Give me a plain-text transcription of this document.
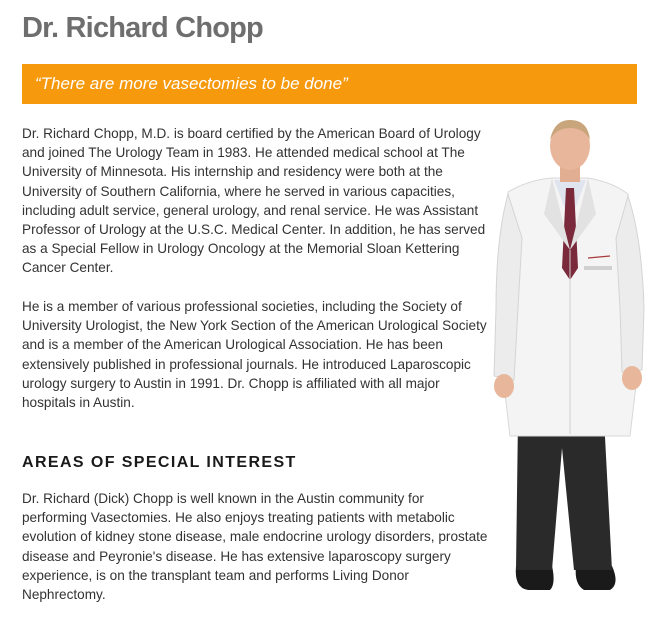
Dr. Richard Chopp
“There are more vasectomies to be done”

Dr. Richard Chopp, M.D. is board certified by the American Board of Urology and joined The Urology Team in 1983. He attended medical school at The University of Minnesota. His internship and residency were both at the University of Southern California, where he served in various capacities, including adult service, general urology, and renal service. He was Assistant Professor of Urology at the U.S.C. Medical Center. In addition, he has served as a Special Fellow in Urology Oncology at the Memorial Sloan Kettering Cancer Center.

He is a member of various professional societies, including the Society of University Urologist, the New York Section of the American Urological Society and is a member of the American Urological Association. He has been extensively published in professional journals. He introduced Laparoscopic urology surgery to Austin in 1991. Dr. Chopp is affiliated with all major hospitals in Austin.

AREAS OF SPECIAL INTEREST

Dr. Richard (Dick) Chopp is well known in the Austin community for performing Vasectomies. He also enjoys treating patients with metabolic evolution of kidney stone disease, male endocrine urology disorders, prostate disease and Peyronie's disease. He has extensive laparoscopy surgery experience, is on the transplant team and performs Living Donor Nephrectomy.
